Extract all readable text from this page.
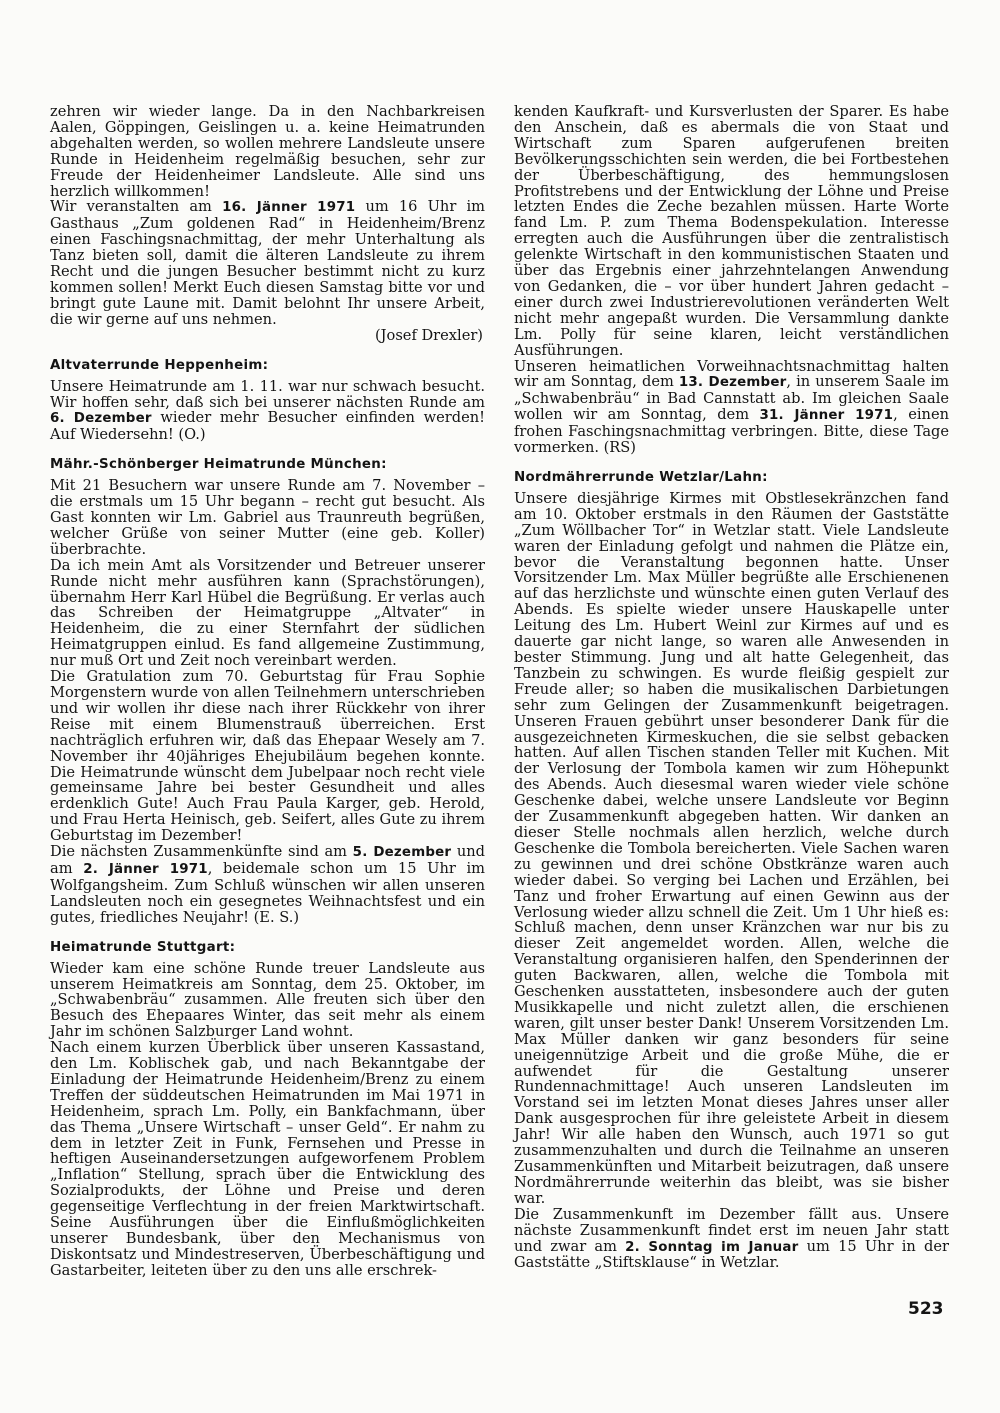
zehren wir wieder lange. Da in den Nachbarkreisen Aalen, Göppingen, Geislingen u. a. keine Heimatrunden abgehalten werden, so wollen mehrere Landsleute unsere Runde in Heidenheim regelmäßig besuchen, sehr zur Freude der Heidenheimer Landsleute. Alle sind uns herzlich willkommen!

Wir veranstalten am 16. Jänner 1971 um 16 Uhr im Gasthaus „Zum goldenen Rad“ in Heidenheim/Brenz einen Faschingsnachmittag, der mehr Unterhaltung als Tanz bieten soll, damit die älteren Landsleute zu ihrem Recht und die jungen Besucher bestimmt nicht zu kurz kommen sollen! Merkt Euch diesen Samstag bitte vor und bringt gute Laune mit. Damit belohnt Ihr unsere Arbeit, die wir gerne auf uns nehmen.

(Josef Drexler)

Altvaterrunde Heppenheim:

Unsere Heimatrunde am 1. 11. war nur schwach besucht. Wir hoffen sehr, daß sich bei unserer nächsten Runde am 6. Dezember wieder mehr Besucher einfinden werden! Auf Wiedersehn! (O.)

Mähr.-Schönberger Heimatrunde München:

Mit 21 Besuchern war unsere Runde am 7. November – die erstmals um 15 Uhr begann – recht gut besucht. Als Gast konnten wir Lm. Gabriel aus Traunreuth begrüßen, welcher Grüße von seiner Mutter (eine geb. Koller) überbrachte.

Da ich mein Amt als Vorsitzender und Betreuer unserer Runde nicht mehr ausführen kann (Sprachstörungen), übernahm Herr Karl Hübel die Begrüßung. Er verlas auch das Schreiben der Heimatgruppe „Altvater“ in Heidenheim, die zu einer Sternfahrt der südlichen Heimatgruppen einlud. Es fand allgemeine Zustimmung, nur muß Ort und Zeit noch vereinbart werden.

Die Gratulation zum 70. Geburtstag für Frau Sophie Morgenstern wurde von allen Teilnehmern unterschrieben und wir wollen ihr diese nach ihrer Rückkehr von ihrer Reise mit einem Blumenstrauß überreichen. Erst nachträglich erfuhren wir, daß das Ehepaar Wesely am 7. November ihr 40jähriges Ehejubiläum begehen konnte. Die Heimatrunde wünscht dem Jubelpaar noch recht viele gemeinsame Jahre bei bester Gesundheit und alles erdenklich Gute! Auch Frau Paula Karger, geb. Herold, und Frau Herta Heinisch, geb. Seifert, alles Gute zu ihrem Geburtstag im Dezember!

Die nächsten Zusammenkünfte sind am 5. Dezember und am 2. Jänner 1971, beidemale schon um 15 Uhr im Wolfgangsheim. Zum Schluß wünschen wir allen unseren Landsleuten noch ein gesegnetes Weihnachtsfest und ein gutes, friedliches Neujahr! (E. S.)

Heimatrunde Stuttgart:

Wieder kam eine schöne Runde treuer Landsleute aus unserem Heimatkreis am Sonntag, dem 25. Oktober, im „Schwabenbräu“ zusammen. Alle freuten sich über den Besuch des Ehepaares Winter, das seit mehr als einem Jahr im schönen Salzburger Land wohnt.

Nach einem kurzen Überblick über unseren Kassastand, den Lm. Koblischek gab, und nach Bekanntgabe der Einladung der Heimatrunde Heidenheim/Brenz zu einem Treffen der süddeutschen Heimatrunden im Mai 1971 in Heidenheim, sprach Lm. Polly, ein Bankfachmann, über das Thema „Unsere Wirtschaft – unser Geld“. Er nahm zu dem in letzter Zeit in Funk, Fernsehen und Presse in heftigen Auseinandersetzungen aufgeworfenem Problem „Inflation“ Stellung, sprach über die Entwicklung des Sozialprodukts, der Löhne und Preise und deren gegenseitige Verflechtung in der freien Marktwirtschaft. Seine Ausführungen über die Einflußmöglichkeiten unserer Bundesbank, über den Mechanismus von Diskontsatz und Mindestreserven, Überbeschäftigung und Gastarbeiter, leiteten über zu den uns alle erschrek-

kenden Kaufkraft- und Kursverlusten der Sparer. Es habe den Anschein, daß es abermals die von Staat und Wirtschaft zum Sparen aufgerufenen breiten Bevölkerungsschichten sein werden, die bei Fortbestehen der Überbeschäftigung, des hemmungslosen Profitstrebens und der Entwicklung der Löhne und Preise letzten Endes die Zeche bezahlen müssen. Harte Worte fand Lm. P. zum Thema Bodenspekulation. Interesse erregten auch die Ausführungen über die zentralistisch gelenkte Wirtschaft in den kommunistischen Staaten und über das Ergebnis einer jahrzehntelangen Anwendung von Gedanken, die – vor über hundert Jahren gedacht – einer durch zwei Industrierevolutionen veränderten Welt nicht mehr angepaßt wurden. Die Versammlung dankte Lm. Polly für seine klaren, leicht verständlichen Ausführungen.

Unseren heimatlichen Vorweihnachtsnachmittag halten wir am Sonntag, dem 13. Dezember, in unserem Saale im „Schwabenbräu“ in Bad Cannstatt ab. Im gleichen Saale wollen wir am Sonntag, dem 31. Jänner 1971, einen frohen Faschingsnachmittag verbringen. Bitte, diese Tage vormerken. (RS)

Nordmährerrunde Wetzlar/Lahn:

Unsere diesjährige Kirmes mit Obstlesekränzchen fand am 10. Oktober erstmals in den Räumen der Gaststätte „Zum Wöllbacher Tor“ in Wetzlar statt. Viele Landsleute waren der Einladung gefolgt und nahmen die Plätze ein, bevor die Veranstaltung begonnen hatte. Unser Vorsitzender Lm. Max Müller begrüßte alle Erschienenen auf das herzlichste und wünschte einen guten Verlauf des Abends. Es spielte wieder unsere Hauskapelle unter Leitung des Lm. Hubert Weinl zur Kirmes auf und es dauerte gar nicht lange, so waren alle Anwesenden in bester Stimmung. Jung und alt hatte Gelegenheit, das Tanzbein zu schwingen. Es wurde fleißig gespielt zur Freude aller; so haben die musikalischen Darbietungen sehr zum Gelingen der Zusammenkunft beigetragen. Unseren Frauen gebührt unser besonderer Dank für die ausgezeichneten Kirmeskuchen, die sie selbst gebacken hatten. Auf allen Tischen standen Teller mit Kuchen. Mit der Verlosung der Tombola kamen wir zum Höhepunkt des Abends. Auch diesesmal waren wieder viele schöne Geschenke dabei, welche unsere Landsleute vor Beginn der Zusammenkunft abgegeben hatten. Wir danken an dieser Stelle nochmals allen herzlich, welche durch Geschenke die Tombola bereicherten. Viele Sachen waren zu gewinnen und drei schöne Obstkränze waren auch wieder dabei. So verging bei Lachen und Erzählen, bei Tanz und froher Erwartung auf einen Gewinn aus der Verlosung wieder allzu schnell die Zeit. Um 1 Uhr hieß es: Schluß machen, denn unser Kränzchen war nur bis zu dieser Zeit angemeldet worden. Allen, welche die Veranstaltung organisieren halfen, den Spenderinnen der guten Backwaren, allen, welche die Tombola mit Geschenken ausstatteten, insbesondere auch der guten Musikkapelle und nicht zuletzt allen, die erschienen waren, gilt unser bester Dank! Unserem Vorsitzenden Lm. Max Müller danken wir ganz besonders für seine uneigennützige Arbeit und die große Mühe, die er aufwendet für die Gestaltung unserer Rundennachmittage! Auch unseren Landsleuten im Vorstand sei im letzten Monat dieses Jahres unser aller Dank ausgesprochen für ihre geleistete Arbeit in diesem Jahr! Wir alle haben den Wunsch, auch 1971 so gut zusammenzuhalten und durch die Teilnahme an unseren Zusammenkünften und Mitarbeit beizutragen, daß unsere Nordmährerrunde weiterhin das bleibt, was sie bisher war.

Die Zusammenkunft im Dezember fällt aus. Unsere nächste Zusammenkunft findet erst im neuen Jahr statt und zwar am 2. Sonntag im Januar um 15 Uhr in der Gaststätte „Stiftsklause“ in Wetzlar.

523
